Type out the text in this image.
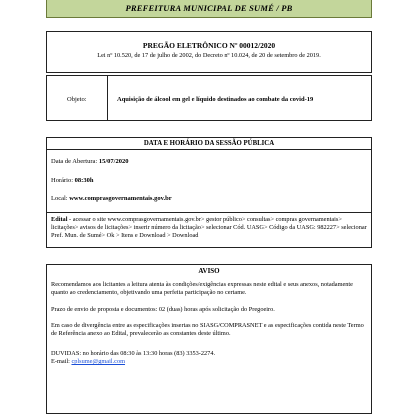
PREFEITURA MUNICIPAL DE SUMÉ / PB
PREGÃO ELETRÔNICO Nº 00012/2020
Lei nº 10.520, de 17 de julho de 2002, do Decreto nº 10.024, de 20 de setembro de 2019.
Objeto:	Aquisição de álcool em gel e líquido destinados ao combate da covid-19
DATA E HORÁRIO DA SESSÃO PÚBLICA
Data de Abertura: 15/07/2020
Horário: 08:30h
Local: www.comprasgovernamentais.gov.br
Edital - acessar o site www.comprasgovernamentais.gov.br> gestor público> consultas> compras governamentais> licitações> avisos de licitações> inserir número da licitação> selecionar Cód. UASG> Código da UASG: 982227> selecionar Pref. Mun. de Sumé> Ok > Itens e Download > Download
AVISO

Recomendamos aos licitantes a leitura atenta às condições/exigências expressas neste edital e seus anexos, notadamente quanto ao credenciamento, objetivando uma perfeita participação no certame.

Prazo de envio de proposta e documentos: 02 (duas) horas após solicitação do Pregoeiro.

Em caso de divergência entre as especificações insertas no SIASG/COMPRASNET e as especificações contida neste Termo de Referência anexo ao Edital, prevalecerão as constantes deste último.

DUVIDAS: no horário das 08:30 às 13:30 horas (83) 3353-2274.
E-mail: cplsume@gmail.com
